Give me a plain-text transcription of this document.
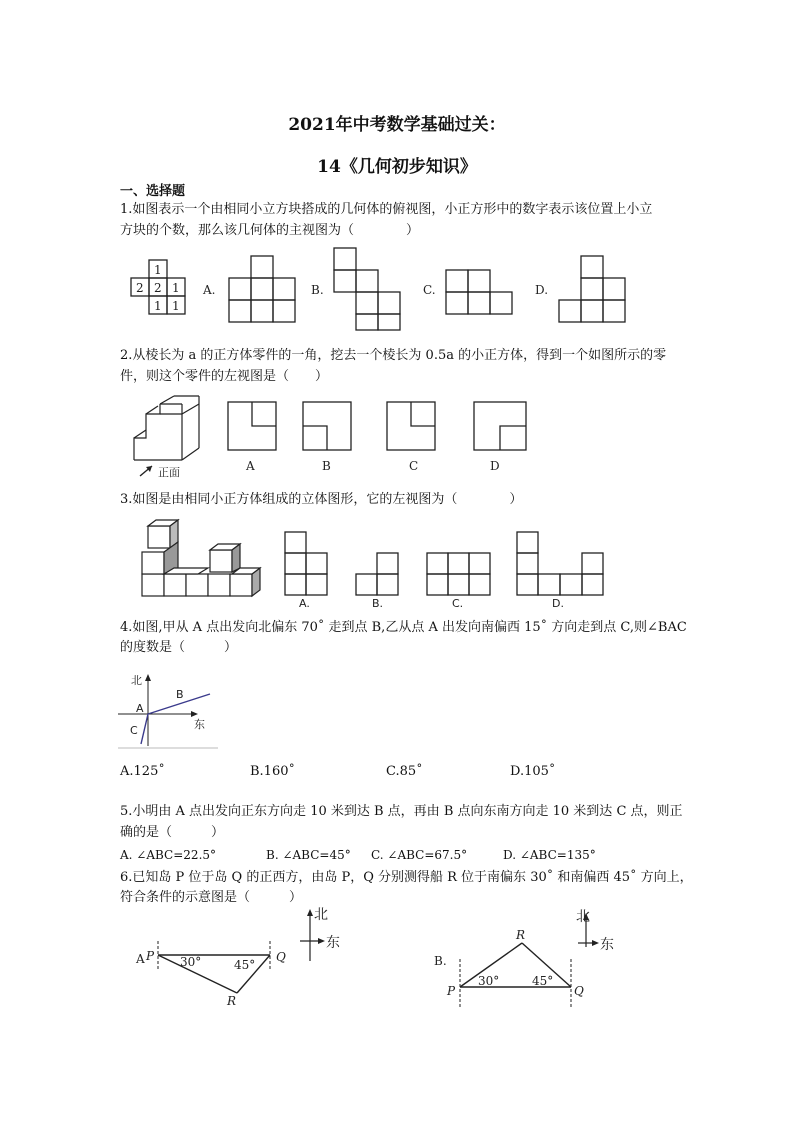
2021年中考数学基础过关：
14《几何初步知识》
一、选择题
1.如图表示一个由相同小立方块搭成的几何体的俯视图，小正方形中的数字表示该位置上小立
方块的个数，那么该几何体的主视图为（　　　　）
1
2 2 1
1 1
A.	B.	C.	D.
2.从棱长为 a 的正方体零件的一角，挖去一个棱长为 0.5a 的小正方体，得到一个如图所示的零
件，则这个零件的左视图是（　　）
正面	A	B	C	D
3.如图是由相同小正方体组成的立体图形，它的左视图为（　　　　）
A.	B.	C.	D.
4.如图,甲从 A 点出发向北偏东 70˚ 走到点 B,乙从点 A 出发向南偏西 15˚ 方向走到点 C,则∠BAC
的度数是（　　　）
北
东
A
B
C
A.125˚	B.160˚	C.85˚	D.105˚
5.小明由 A 点出发向正东方向走 10 米到达 B 点，再由 B 点向东南方向走 10 米到达 C 点，则正
确的是（　　　）
A. ∠ABC=22.5°	B. ∠ABC=45° C. ∠ABC=67.5°	D. ∠ABC=135°
6.已知岛 P 位于岛 Q 的正西方，由岛 P，Q 分别测得船 R 位于南偏东 30˚ 和南偏西 45˚ 方向上，
符合条件的示意图是（　　　）
北
东
A P	Q
R
30°	45°
北
东
B.
P	Q
R
30°	45°
